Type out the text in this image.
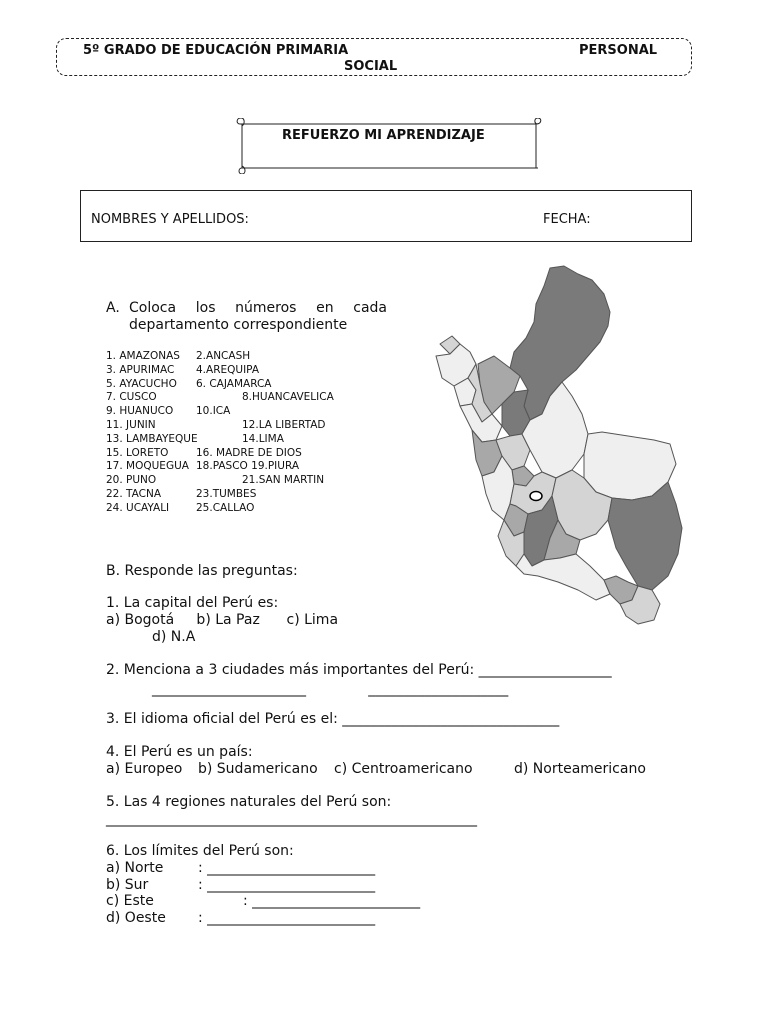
5º GRADO DE EDUCACIÓN PRIMARIA	PERSONAL
SOCIAL
REFUERZO MI APRENDIZAJE
NOMBRES Y APELLIDOS:	FECHA:
A. Coloca los números en cada
departamento correspondiente
1. AMAZONAS 2.ANCASH
3. APURIMAC 4.AREQUIPA
5. AYACUCHO 6. CAJAMARCA
7. CUSCO	8.HUANCAVELICA
9. HUANUCO 10.ICA
11. JUNIN	12.LA LIBERTAD
13. LAMBAYEQUE	14.LIMA
15. LORETO	16. MADRE DE DIOS
17. MOQUEGUA 18.PASCO 19.PIURA
20. PUNO	21.SAN MARTIN
22. TACNA	23.TUMBES
24. UCAYALI	25.CALLAO
B. Responde las preguntas:
1. La capital del Perú es:
a) Bogotá     b) La Paz      c) Lima
d) N.A
2. Menciona a 3 ciudades más importantes del Perú: ___________________
______________________              ____________________
3. El idioma oficial del Perú es el: _______________________________
4. El Perú es un país:
a) Europeo b) Sudamericano c) Centroamericano	d) Norteamericano
5. Las 4 regiones naturales del Perú son:
_____________________________________________________
6. Los límites del Perú son:
a) Norte : ________________________
b) Sur	: ________________________
c) Este	: ________________________
d) Oeste : ________________________
